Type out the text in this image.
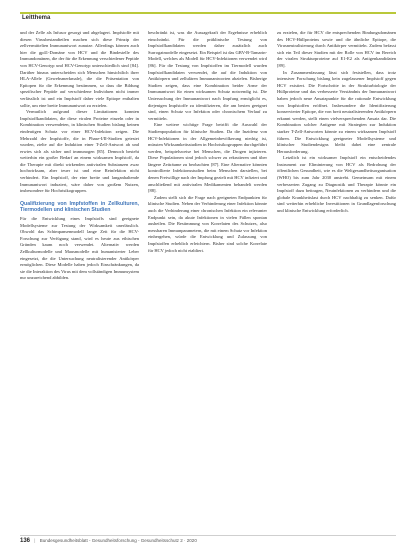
Leitthema

und der Zelle als Infusor gesorgt und abgelagert. Impfstoffe mit diesen Virusbestandteilen machen sich diese Prinzip der zellvermittelten Immunantwort zunutze. Allerdings können auch hier die gp41-Domäne von HCV und die Bindestelle des Immundomänen, die der für die Erkennung verschiedener Peptide von HCV-Genotyp und HCV-Genotyp unterschiedlich sind [84]. Darüber hinaus unterscheiden sich Menschen hinsichtlich ihrer HLA-Allele (Gewebsmerkmale), die die Präsentation von Epitopen für die Erkennung bestimmen, so dass die Bildung spezifischer Peptide auf verschiedene Individuen nicht immer verlässlich ist und ein Impfstoff daher viele Epitope enthalten sollte, um eine breite Immunantwort zu erzielen.

Vermutlich aufgrund dieser Limitationen konnten Impfstoffkandidaten, die diese viralen Proteine einzeln oder in Kombination verwendeten, in klinischen Studien bislang keinen eindeutigen Schutz vor einer HCV-Infektion zeigen. Die Mehrzahl der Impfstoffe, die in Phase-I/II-Studien getestet wurden, zielte auf die Induktion einer T-Zell-Antwort ab und erwies sich als sicher und immunogen [85]. Dennoch besteht weiterhin ein großer Bedarf an einem wirksamen Impfstoff, da die Therapie mit direkt wirkenden antiviralen Substanzen zwar hochwirksam, aber teuer ist und eine Reinfektion nicht verhindert. Ein Impfstoff, der eine breite und langanhaltende Immunantwort induziert, wäre daher von großem Nutzen, insbesondere für Hochrisikogruppen.

Qualifizierung von Impfstoffen in Zellkulturen, Tiermodellen und klinischen Studien

Für die Entwicklung eines Impfstoffs sind geeignete Modellsysteme zur Testung der Wirksamkeit unerlässlich. Obwohl das Schimpansenmodell lange Zeit für die HCV-Forschung zur Verfügung stand, wird es heute aus ethischen Gründen kaum noch verwendet. Alternativ werden Zellkulturmodelle und Mausmodelle mit humanisierter Leber eingesetzt, die die Untersuchung neutralisierender Antikörper ermöglichen. Diese Modelle haben jedoch Einschränkungen, da sie die Interaktion des Virus mit dem vollständigen Immunsystem nur unzureichend abbilden.

beschränkt ist, was die Aussagekraft der Ergebnisse erheblich einschränkt. Für die präklinische Testung von Impfstoffkandidaten werden daher zusätzlich auch Surrogatmodelle eingesetzt. Ein Beispiel ist das GBV-B-Tamarin-Modell, welches als Modell für HCV-Infektionen verwendet wird [86]. Für die Testung von Impfstoffen im Tiermodell wurden Impfstoffkandidaten verwendet, die auf die Induktion von Antikörpern und zellulären Immunantworten abzielen. Bisherige Studien zeigen, dass eine Kombination beider Arme der Immunantwort für einen wirksamen Schutz notwendig ist. Die Untersuchung der Immunantwort nach Impfung ermöglicht es, diejenigen Impfstoffe zu identifizieren, die am besten geeignet sind, einen Schutz vor Infektion oder chronischem Verlauf zu vermitteln.

Eine weitere wichtige Frage betrifft die Auswahl der Studienpopulation für klinische Studien. Da die Inzidenz von HCV-Infektionen in der Allgemeinbevölkerung niedrig ist, müssten Wirksamkeitsstudien in Hochrisikogruppen durchgeführt werden, beispielsweise bei Menschen, die Drogen injizieren. Diese Populationen sind jedoch schwer zu rekrutieren und über längere Zeiträume zu beobachten [87]. Eine Alternative könnten kontrollierte Infektionsstudien beim Menschen darstellen, bei denen Freiwillige nach der Impfung gezielt mit HCV infiziert und anschließend mit antiviralen Medikamenten behandelt werden [88].

Zudem stellt sich die Frage nach geeigneten Endpunkten für klinische Studien. Neben der Verhinderung einer Infektion könnte auch die Verhinderung einer chronischen Infektion ein relevanter Endpunkt sein, da akute Infektionen in vielen Fällen spontan ausheilen. Die Bestimmung von Korrelaten des Schutzes, also messbaren Immunparametern, die mit einem Schutz vor Infektion einhergehen, würde die Entwicklung und Zulassung von Impfstoffen erheblich erleichtern. Bisher sind solche Korrelate für HCV jedoch nicht etabliert.

zu erzielen, die für HCV die entsprechenden Bindungsdomänen des HCV-Hüllproteins sowie und die ähnliche Epitope, die Virusneutralisierung durch Antikörper vermitteln. Zudem befasst sich ein Teil dieser Studien mit der Rolle von HCV im Bereich der viralen Strukturproteine auf E1-E2 als Antigenkandidaten [89].

In Zusammenfassung lässt sich feststellen, dass trotz intensiver Forschung bislang kein zugelassener Impfstoff gegen HCV existiert. Die Fortschritte in der Strukturbiologie der Hüllproteine und das verbesserte Verständnis der Immunantwort haben jedoch neue Ansatzpunkte für die rationale Entwicklung von Impfstoffen eröffnet. Insbesondere die Identifizierung konservierter Epitope, die von breit neutralisierenden Antikörpern erkannt werden, stellt einen vielversprechenden Ansatz dar. Die Kombination solcher Antigene mit Strategien zur Induktion starker T-Zell-Antworten könnte zu einem wirksamen Impfstoff führen. Die Entwicklung geeigneter Modellsysteme und klinischer Studiendesigns bleibt dabei eine zentrale Herausforderung.

Letztlich ist ein wirksamer Impfstoff ein entscheidendes Instrument zur Eliminierung von HCV als Bedrohung der öffentlichen Gesundheit, wie es die Weltgesundheitsorganisation (WHO) bis zum Jahr 2030 anstrebt. Gemeinsam mit einem verbesserten Zugang zu Diagnostik und Therapie könnte ein Impfstoff dazu beitragen, Neuinfektionen zu verhindern und die globale Krankheitslast durch HCV nachhaltig zu senken. Dafür sind weiterhin erhebliche Investitionen in Grundlagenforschung und klinische Entwicklung erforderlich.

136 | Bundesgesundheitsblatt - Gesundheitsforschung - Gesundheitsschutz 2 · 2020
